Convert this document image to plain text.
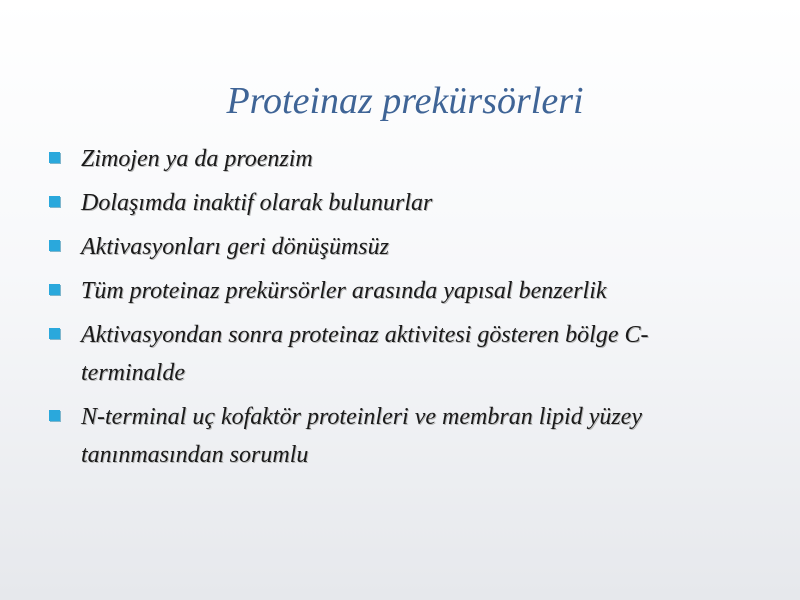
Proteinaz prekürsörleri
Zimojen ya da proenzim
Dolaşımda inaktif olarak bulunurlar
Aktivasyonları geri dönüşümsüz
Tüm proteinaz prekürsörler arasında yapısal benzerlik
Aktivasyondan sonra proteinaz aktivitesi gösteren bölge C-terminalde
N-terminal uç kofaktör proteinleri ve membran lipid yüzey tanınmasından sorumlu
